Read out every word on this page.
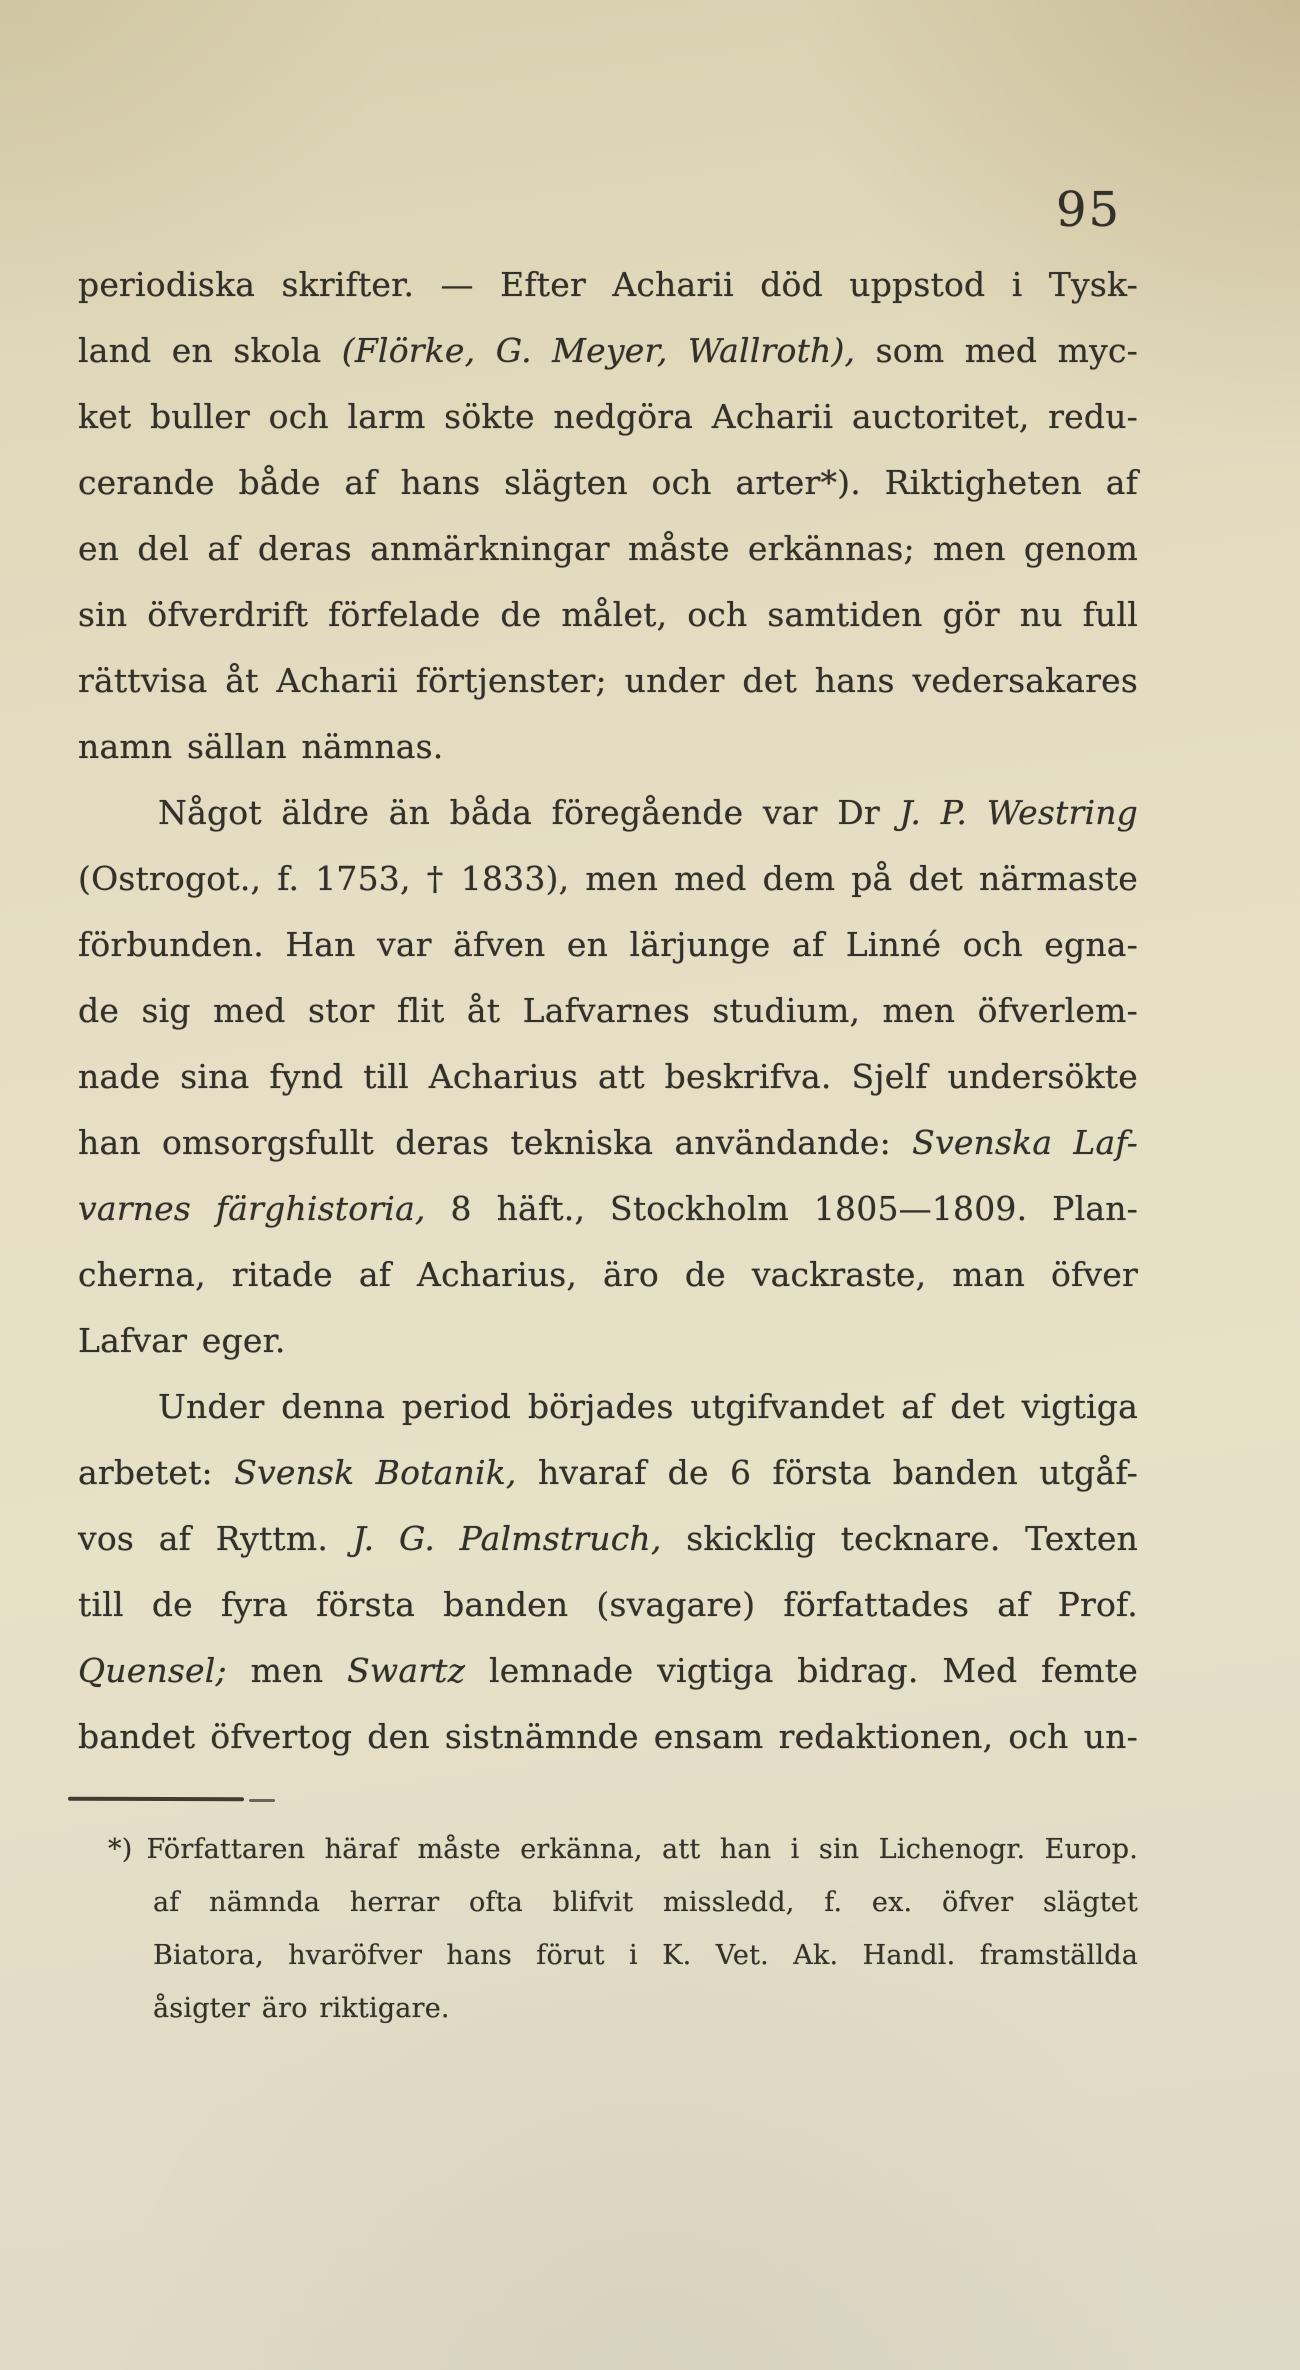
95
periodiska skrifter. — Efter Acharii död uppstod i Tysk-
land en skola (Flörke, G. Meyer, Wallroth), som med myc-
ket buller och larm sökte nedgöra Acharii auctoritet, redu-
cerande både af hans slägten och arter*). Riktigheten af
en del af deras anmärkningar måste erkännas; men genom
sin öfverdrift förfelade de målet, och samtiden gör nu full
rättvisa åt Acharii förtjenster; under det hans vedersakares
namn sällan nämnas.
Något äldre än båda föregående var Dr J. P. Westring
(Ostrogot., f. 1753, † 1833), men med dem på det närmaste
förbunden. Han var äfven en lärjunge af Linné och egna-
de sig med stor flit åt Lafvarnes studium, men öfverlem-
nade sina fynd till Acharius att beskrifva. Sjelf undersökte
han omsorgsfullt deras tekniska användande: Svenska Laf-
varnes färghistoria, 8 häft., Stockholm 1805—1809. Plan-
cherna, ritade af Acharius, äro de vackraste, man öfver
Lafvar eger.
Under denna period börjades utgifvandet af det vigtiga
arbetet: Svensk Botanik, hvaraf de 6 första banden utgåf-
vos af Ryttm. J. G. Palmstruch, skicklig tecknare. Texten
till de fyra första banden (svagare) författades af Prof.
Quensel; men Swartz lemnade vigtiga bidrag. Med femte
bandet öfvertog den sistnämnde ensam redaktionen, och un-
*) Författaren häraf måste erkänna, att han i sin Lichenogr. Europ.
af nämnda herrar ofta blifvit missledd, f. ex. öfver slägtet
Biatora, hvaröfver hans förut i K. Vet. Ak. Handl. framställda
åsigter äro riktigare.
